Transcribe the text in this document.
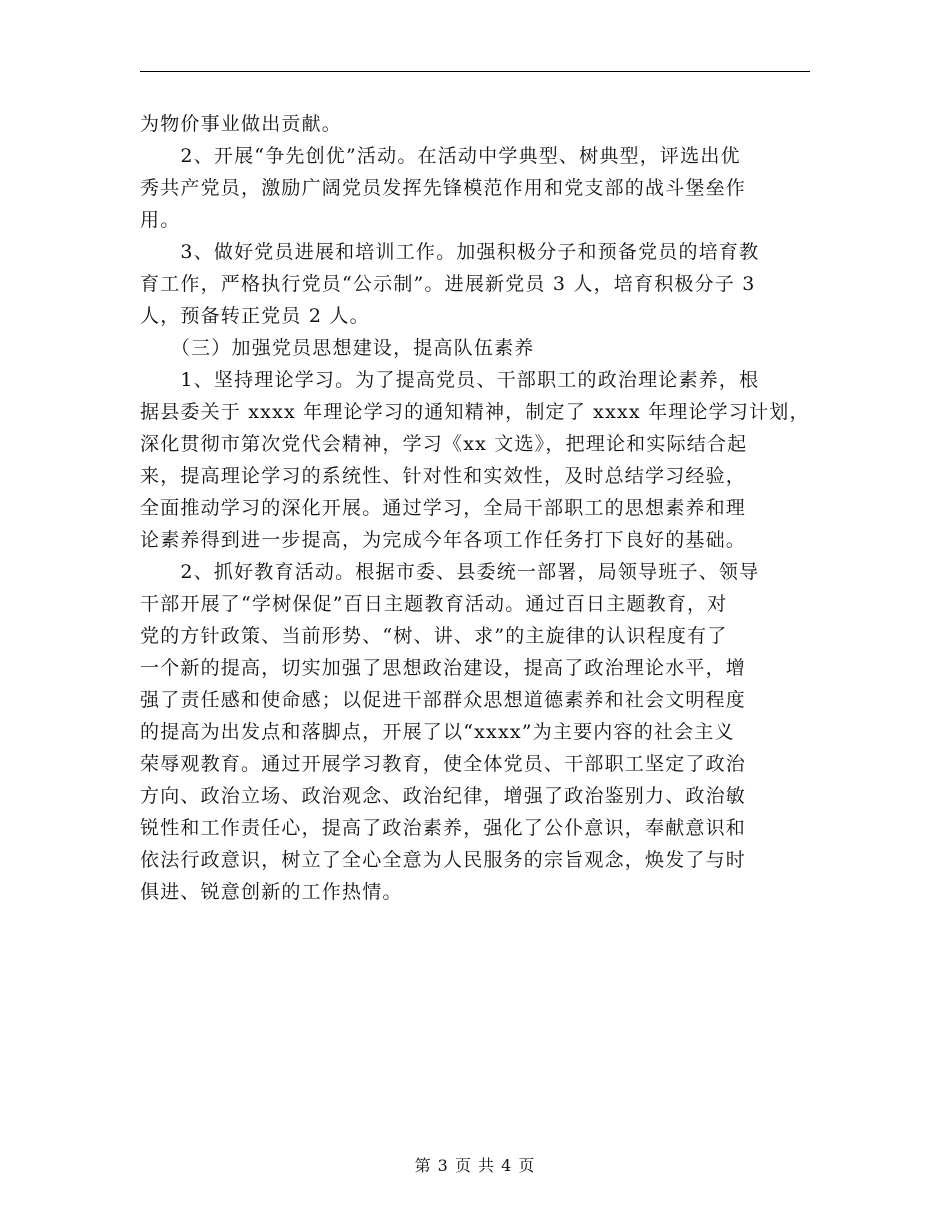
为物价事业做出贡献。
　　2、开展“争先创优”活动。在活动中学典型、树典型，评选出优
秀共产党员，激励广阔党员发挥先锋模范作用和党支部的战斗堡垒作
用。
　　3、做好党员进展和培训工作。加强积极分子和预备党员的培育教
育工作，严格执行党员“公示制”。进展新党员 3 人，培育积极分子 3
人，预备转正党员 2 人。
　　（三）加强党员思想建设，提高队伍素养
　　1、坚持理论学习。为了提高党员、干部职工的政治理论素养，根
据县委关于 xxxx 年理论学习的通知精神，制定了 xxxx 年理论学习计划，
深化贯彻市第次党代会精神，学习《xx 文选》，把理论和实际结合起
来，提高理论学习的系统性、针对性和实效性，及时总结学习经验，
全面推动学习的深化开展。通过学习，全局干部职工的思想素养和理
论素养得到进一步提高，为完成今年各项工作任务打下良好的基础。
　　2、抓好教育活动。根据市委、县委统一部署，局领导班子、领导
干部开展了“学树保促”百日主题教育活动。通过百日主题教育，对
党的方针政策、当前形势、“树、讲、求”的主旋律的认识程度有了
一个新的提高，切实加强了思想政治建设，提高了政治理论水平，增
强了责任感和使命感；以促进干部群众思想道德素养和社会文明程度
的提高为出发点和落脚点，开展了以“xxxx”为主要内容的社会主义
荣辱观教育。通过开展学习教育，使全体党员、干部职工坚定了政治
方向、政治立场、政治观念、政治纪律，增强了政治鉴别力、政治敏
锐性和工作责任心，提高了政治素养，强化了公仆意识，奉献意识和
依法行政意识，树立了全心全意为人民服务的宗旨观念，焕发了与时
俱进、锐意创新的工作热情。
第 3 页 共 4 页
